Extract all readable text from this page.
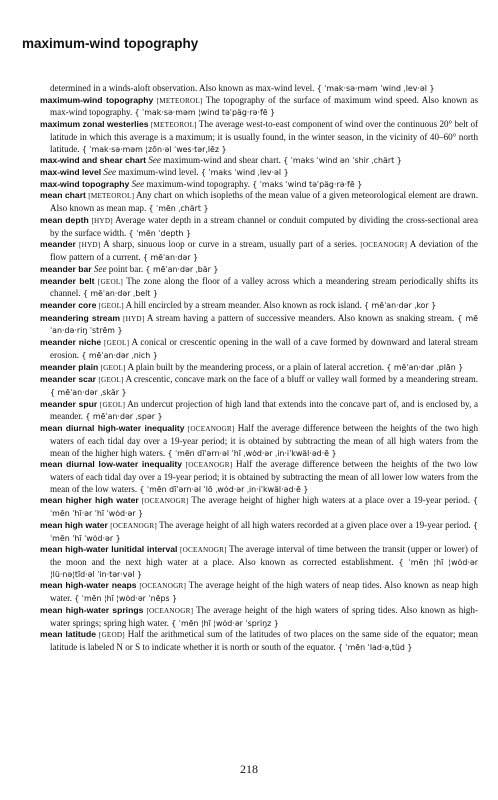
maximum-wind topography

determined in a winds-aloft observation. Also known as max-wind level. { ˈmak·sə·məm ˈwind ˌlev·əl }

maximum-wind topography [METEOROL] The topography of the surface of maximum wind speed. Also known as max-wind topography. { ˈmak·sə·məm ¦wind təˈpäg·rə·fē }

maximum zonal westerlies [METEOROL] The average west-to-east component of wind over the continuous 20° belt of latitude in which this average is a maximum; it is usually found, in the winter season, in the vicinity of 40–60° north latitude. { ˈmak·sə·məm ¦zōn·əl ˈwes·tər‚lēz }

max-wind and shear chart See maximum-wind and shear chart. { ˈmaks ˈwind ən ˈshir ˌchärt }

max-wind level See maximum-wind level. { ˈmaks ˈwind ˌlev·əl }

max-wind topography See maximum-wind topography. { ˈmaks ˈwind təˈpäg·rə·fē }

mean chart [METEOROL] Any chart on which isopleths of the mean value of a given meteorological element are drawn. Also known as mean map. { ˈmēn ˌchärt }

mean depth [HYD] Average water depth in a stream channel or conduit computed by dividing the cross-sectional area by the surface width. { ˈmēn ˈdepth }

meander [HYD] A sharp, sinuous loop or curve in a stream, usually part of a series. [OCEANOGR] A deviation of the flow pattern of a current. { mēˈan·dər }

meander bar See point bar. { mēˈan·dər ˌbär }

meander belt [GEOL] The zone along the floor of a valley across which a meandering stream periodically shifts its channel. { mēˈan·dər ˌbelt }

meander core [GEOL] A hill encircled by a stream meander. Also known as rock island. { mēˈan·dər ˌkor }

meandering stream [HYD] A stream having a pattern of successive meanders. Also known as snaking stream. { mēˈan·də·riŋ ˈstrēm }

meander niche [GEOL] A conical or crescentic opening in the wall of a cave formed by downward and lateral stream erosion. { mēˈan·dər ˌnich }

meander plain [GEOL] A plain built by the meandering process, or a plain of lateral accretion. { mēˈan·dər ˌplān }

meander scar [GEOL] A crescentic, concave mark on the face of a bluff or valley wall formed by a meandering stream. { mēˈan·dər ˌskär }

meander spur [GEOL] An undercut projection of high land that extends into the concave part of, and is enclosed by, a meander. { mēˈan·dər ˌspər }

mean diurnal high-water inequality [OCEANOGR] Half the average difference between the heights of the two high waters of each tidal day over a 19-year period; it is obtained by subtracting the mean of all high waters from the mean of the higher high waters. { ˈmēn dīˈərn·əl ˈhī ˌwȯd·ər ˌin·iˈkwäl·əd·ē }

mean diurnal low-water inequality [OCEANOGR] Half the average difference between the heights of the two low waters of each tidal day over a 19-year period; it is obtained by subtracting the mean of all lower low waters from the mean of the low waters. { ˈmēn dīˈərn·əl ˈlō ˌwȯd·ər ˌin·iˈkwäl·əd·ē }

mean higher high water [OCEANOGR] The average height of higher high waters at a place over a 19-year period. { ˈmēn ˈhī·ər ˈhī ˈwȯd·ər }

mean high water [OCEANOGR] The average height of all high waters recorded at a given place over a 19-year period. { ˈmēn ˈhī ˈwȯd·ər }

mean high-water lunitidal interval [OCEANOGR] The average interval of time between the transit (upper or lower) of the moon and the next high water at a place. Also known as corrected establishment. { ˈmēn ¦hī ¦wȯd·ər ¦lü·nə¦tīd·əl ˈin·tər·vəl }

mean high-water neaps [OCEANOGR] The average height of the high waters of neap tides. Also known as neap high water. { ˈmēn ¦hī ¦wȯd·ər ˈnēps }

mean high-water springs [OCEANOGR] The average height of the high waters of spring tides. Also known as high-water springs; spring high water. { ˈmēn ¦hī ¦wȯd·ər ˈspriŋz }

mean latitude [GEOD] Half the arithmetical sum of the latitudes of two places on the same side of the equator; mean latitude is labeled N or S to indicate whether it is north or south of the equator. { ˈmēn ˈlad·ə‚tüd }

218
